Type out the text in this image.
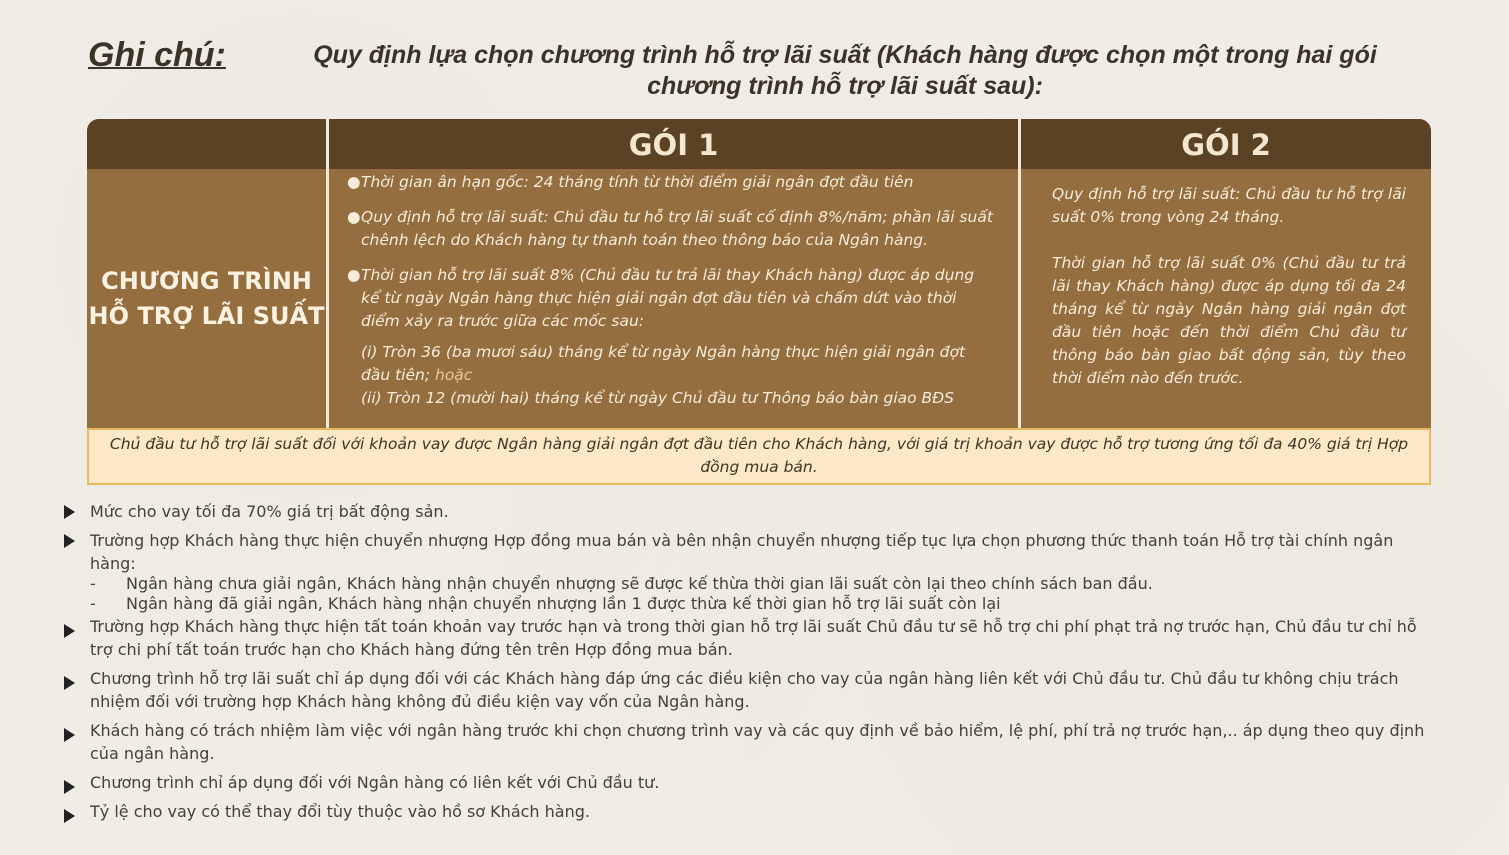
Ghi chú:	Quy định lựa chọn chương trình hỗ trợ lãi suất (Khách hàng được chọn một trong hai gói chương trình hỗ trợ lãi suất sau):
GÓI 1	GÓI 2
CHƯƠNG TRÌNH
HỖ TRỢ LÃI SUẤT
● Thời gian ân hạn gốc: 24 tháng tính từ thời điểm giải ngân đợt đầu tiên
● Quy định hỗ trợ lãi suất: Chủ đầu tư hỗ trợ lãi suất cố định 8%/năm; phần lãi suất chênh lệch do Khách hàng tự thanh toán theo thông báo của Ngân hàng.
● Thời gian hỗ trợ lãi suất 8% (Chủ đầu tư trả lãi thay Khách hàng) được áp dụng kể từ ngày Ngân hàng thực hiện giải ngân đợt đầu tiên và chấm dứt vào thời điểm xảy ra trước giữa các mốc sau:
(i) Tròn 36 (ba mươi sáu) tháng kể từ ngày Ngân hàng thực hiện giải ngân đợt đầu tiên; hoặc
(ii) Tròn 12 (mười hai) tháng kể từ ngày Chủ đầu tư Thông báo bàn giao BĐS

Quy định hỗ trợ lãi suất: Chủ đầu tư hỗ trợ lãi suất 0% trong vòng 24 tháng.

Thời gian hỗ trợ lãi suất 0% (Chủ đầu tư trả lãi thay Khách hàng) được áp dụng tối đa 24 tháng kể từ ngày Ngân hàng giải ngân đợt đầu tiên hoặc đến thời điểm Chủ đầu tư thông báo bàn giao bất động sản, tùy theo thời điểm nào đến trước.

Chủ đầu tư hỗ trợ lãi suất đối với khoản vay được Ngân hàng giải ngân đợt đầu tiên cho Khách hàng, với giá trị khoản vay được hỗ trợ tương ứng tối đa 40% giá trị Hợp đồng mua bán.
Mức cho vay tối đa 70% giá trị bất động sản.
Trường hợp Khách hàng thực hiện chuyển nhượng Hợp đồng mua bán và bên nhận chuyển nhượng tiếp tục lựa chọn phương thức thanh toán Hỗ trợ tài chính ngân hàng:
- Ngân hàng chưa giải ngân, Khách hàng nhận chuyển nhượng sẽ được kế thừa thời gian lãi suất còn lại theo chính sách ban đầu.
- Ngân hàng đã giải ngân, Khách hàng nhận chuyển nhượng lần 1 được thừa kế thời gian hỗ trợ lãi suất còn lại
Trường hợp Khách hàng thực hiện tất toán khoản vay trước hạn và trong thời gian hỗ trợ lãi suất Chủ đầu tư sẽ hỗ trợ chi phí phạt trả nợ trước hạn, Chủ đầu tư chỉ hỗ trợ chi phí tất toán trước hạn cho Khách hàng đứng tên trên Hợp đồng mua bán.
Chương trình hỗ trợ lãi suất chỉ áp dụng đối với các Khách hàng đáp ứng các điều kiện cho vay của ngân hàng liên kết với Chủ đầu tư. Chủ đầu tư không chịu trách nhiệm đối với trường hợp Khách hàng không đủ điều kiện vay vốn của Ngân hàng.
Khách hàng có trách nhiệm làm việc với ngân hàng trước khi chọn chương trình vay và các quy định về bảo hiểm, lệ phí, phí trả nợ trước hạn,.. áp dụng theo quy định của ngân hàng.
Chương trình chỉ áp dụng đối với Ngân hàng có liên kết với Chủ đầu tư.
Tỷ lệ cho vay có thể thay đổi tùy thuộc vào hồ sơ Khách hàng.
